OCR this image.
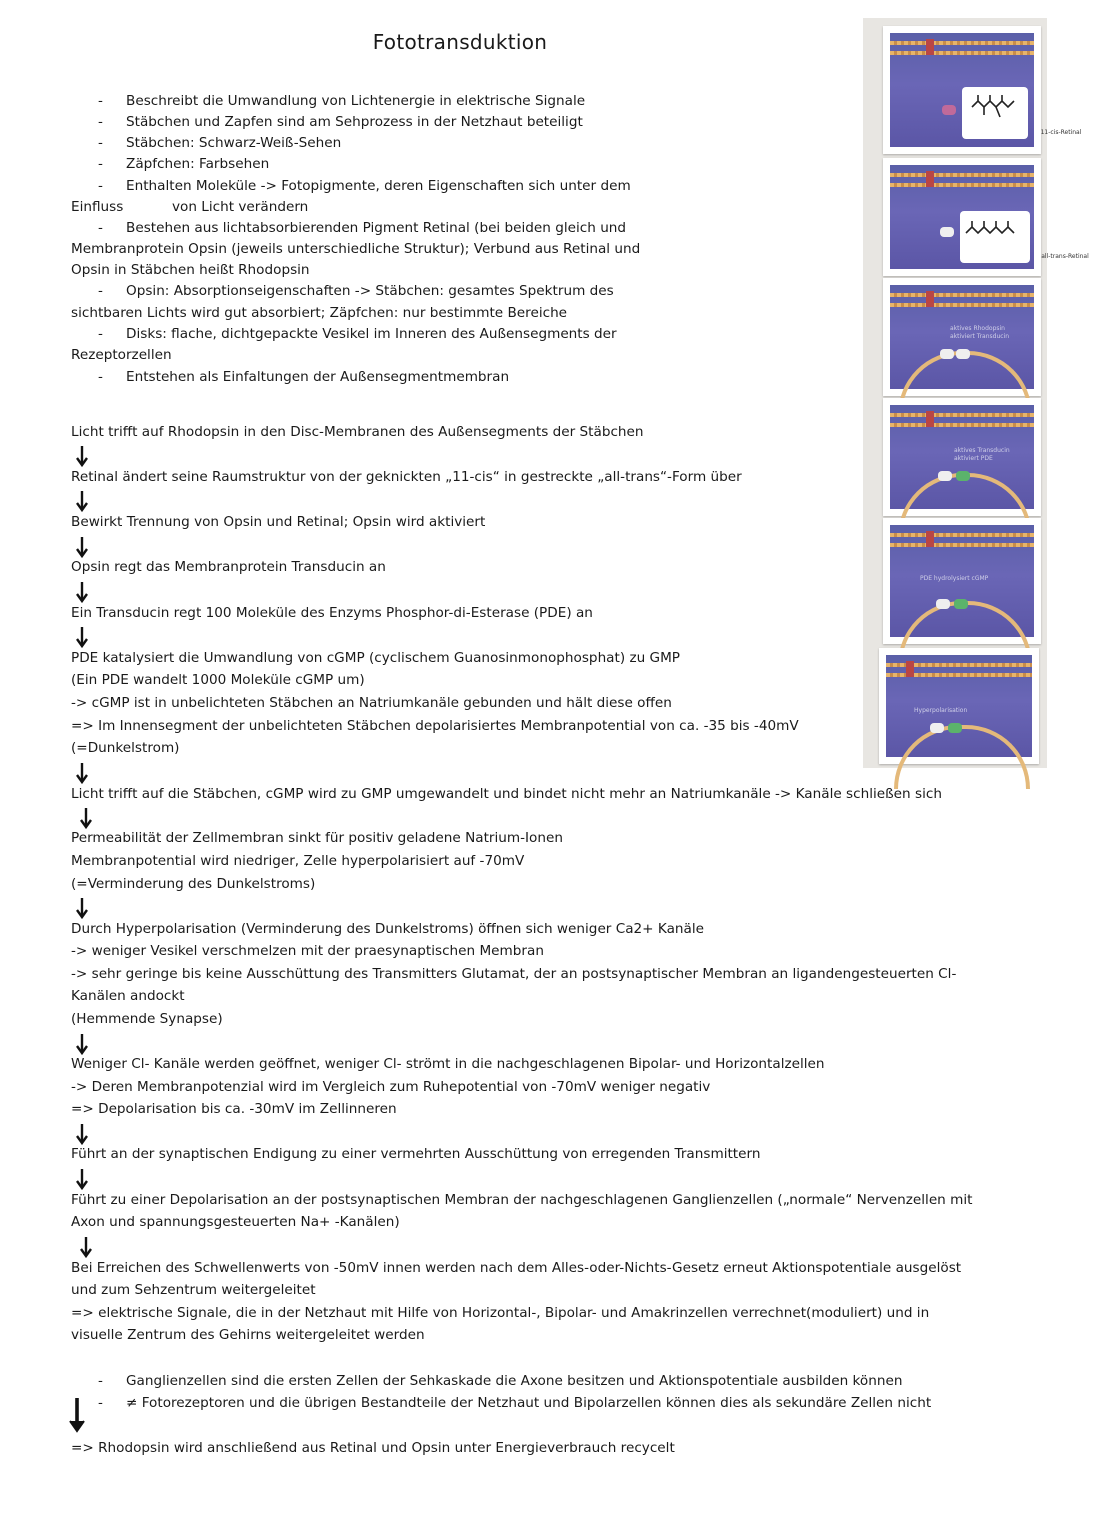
Fototransduktion
- Beschreibt die Umwandlung von Lichtenergie in elektrische Signale
- Stäbchen und Zapfen sind am Sehprozess in der Netzhaut beteiligt
- Stäbchen: Schwarz-Weiß-Sehen
- Zäpfchen: Farbsehen
- Enthalten Moleküle -> Fotopigmente, deren Eigenschaften sich unter dem
Einfluss	von Licht verändern
- Bestehen aus lichtabsorbierenden Pigment Retinal (bei beiden gleich und
Membranprotein Opsin (jeweils unterschiedliche Struktur); Verbund aus Retinal und
Opsin in Stäbchen heißt Rhodopsin
- Opsin: Absorptionseigenschaften -> Stäbchen: gesamtes Spektrum des
sichtbaren Lichts wird gut absorbiert; Zäpfchen: nur bestimmte Bereiche
- Disks: flache, dichtgepackte Vesikel im Inneren des Außensegments der
Rezeptorzellen
- Entstehen als Einfaltungen der Außensegmentmembran
Licht trifft auf Rhodopsin in den Disc-Membranen des Außensegments der Stäbchen
Retinal ändert seine Raumstruktur von der geknickten „11-cis“ in gestreckte „all-trans“-Form über
Bewirkt Trennung von Opsin und Retinal; Opsin wird aktiviert
Opsin regt das Membranprotein Transducin an
Ein Transducin regt 100 Moleküle des Enzyms Phosphor-di-Esterase (PDE) an
PDE katalysiert die Umwandlung von cGMP (cyclischem Guanosinmonophosphat) zu GMP
(Ein PDE wandelt 1000 Moleküle cGMP um)
-> cGMP ist in unbelichteten Stäbchen an Natriumkanäle gebunden und hält diese offen
=> Im Innensegment der unbelichteten Stäbchen depolarisiertes Membranpotential von ca. -35 bis -40mV
(=Dunkelstrom)
Licht trifft auf die Stäbchen, cGMP wird zu GMP umgewandelt und bindet nicht mehr an Natriumkanäle -> Kanäle schließen sich
Permeabilität der Zellmembran sinkt für positiv geladene Natrium-Ionen
Membranpotential wird niedriger, Zelle hyperpolarisiert auf -70mV
(=Verminderung des Dunkelstroms)
Durch Hyperpolarisation (Verminderung des Dunkelstroms) öffnen sich weniger Ca2+ Kanäle
-> weniger Vesikel verschmelzen mit der praesynaptischen Membran
-> sehr geringe bis keine Ausschüttung des Transmitters Glutamat, der an postsynaptischer Membran an ligandengesteuerten Cl-
Kanälen andockt
(Hemmende Synapse)
Weniger Cl- Kanäle werden geöffnet, weniger Cl- strömt in die nachgeschlagenen Bipolar- und Horizontalzellen
-> Deren Membranpotenzial wird im Vergleich zum Ruhepotential von -70mV weniger negativ
=> Depolarisation bis ca. -30mV im Zellinneren
Führt an der synaptischen Endigung zu einer vermehrten Ausschüttung von erregenden Transmittern
Führt zu einer Depolarisation an der postsynaptischen Membran der nachgeschlagenen Ganglienzellen („normale“ Nervenzellen mit
Axon und spannungsgesteuerten Na+ -Kanälen)
Bei Erreichen des Schwellenwerts von -50mV innen werden nach dem Alles-oder-Nichts-Gesetz erneut Aktionspotentiale ausgelöst
und zum Sehzentrum weitergeleitet
=> elektrische Signale, die in der Netzhaut mit Hilfe von Horizontal-, Bipolar- und Amakrinzellen verrechnet(moduliert) und in
visuelle Zentrum des Gehirns weitergeleitet werden
- Ganglienzellen sind die ersten Zellen der Sehkaskade die Axone besitzen und Aktionspotentiale ausbilden können
- ≠ Fotorezeptoren und die übrigen Bestandteile der Netzhaut und Bipolarzellen können dies als sekundäre Zellen nicht
=> Rhodopsin wird anschließend aus Retinal und Opsin unter Energieverbrauch recycelt
11-cis-Retinal
all-trans-Retinal
aktives Rhodopsin
aktiviert Transducin
aktives Transducin
aktiviert PDE
PDE hydrolysiert cGMP
Hyperpolarisation
